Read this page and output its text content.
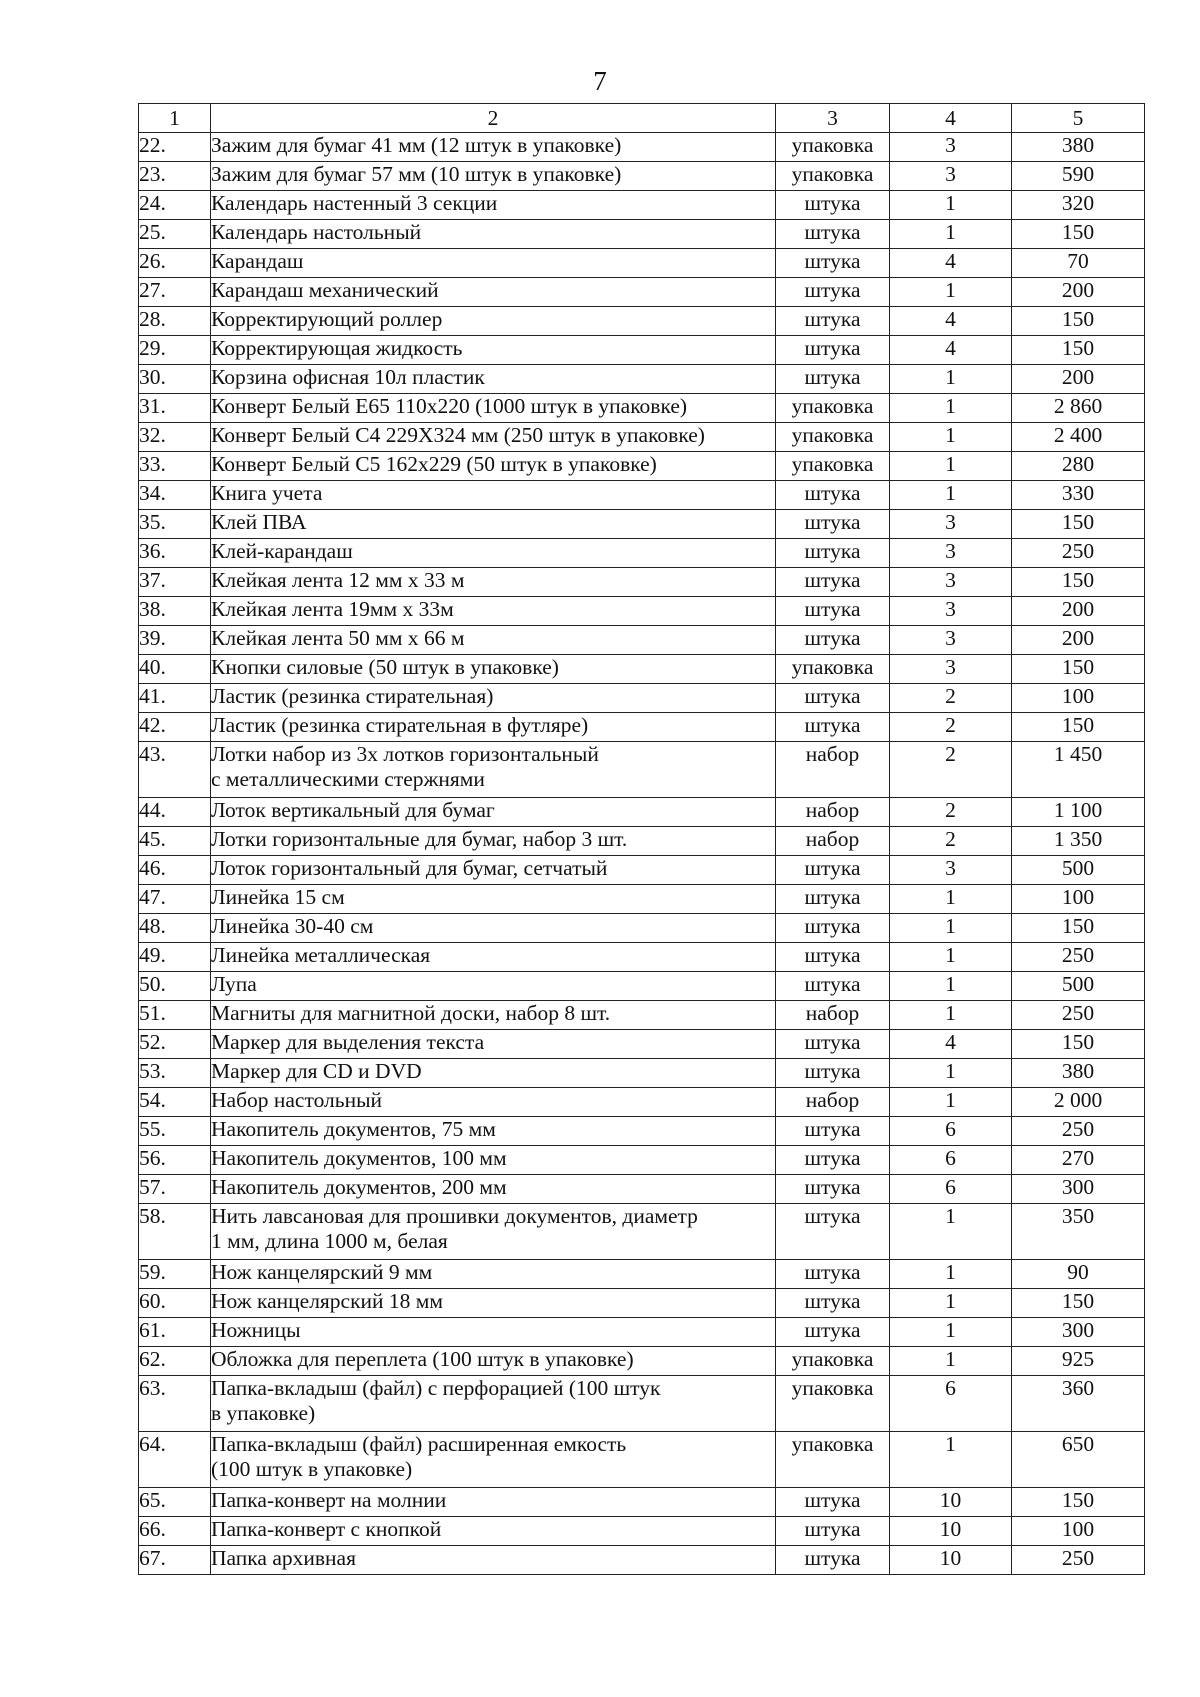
7
1	2	3	4	5
22.	Зажим для бумаг 41 мм (12 штук в упаковке)	упаковка	3	380
23.	Зажим для бумаг 57 мм (10 штук в упаковке)	упаковка	3	590
24.	Календарь настенный 3 секции	штука	1	320
25.	Календарь настольный	штука	1	150
26.	Карандаш	штука	4	70
27.	Карандаш механический	штука	1	200
28.	Корректирующий роллер	штука	4	150
29.	Корректирующая жидкость	штука	4	150
30.	Корзина офисная 10л пластик	штука	1	200
31.	Конверт Белый Е65 110х220 (1000 штук в упаковке)	упаковка	1	2 860
32.	Конверт Белый С4 229Х324 мм (250 штук в упаковке)	упаковка	1	2 400
33.	Конверт Белый С5 162х229 (50 штук в упаковке)	упаковка	1	280
34.	Книга учета	штука	1	330
35.	Клей ПВА	штука	3	150
36.	Клей-карандаш	штука	3	250
37.	Клейкая лента 12 мм х 33 м	штука	3	150
38.	Клейкая лента 19мм х 33м	штука	3	200
39.	Клейкая лента 50 мм х 66 м	штука	3	200
40.	Кнопки силовые (50 штук в упаковке)	упаковка	3	150
41.	Ластик (резинка стирательная)	штука	2	100
42.	Ластик (резинка стирательная в футляре)	штука	2	150
43.	Лотки набор из 3х лотков горизонтальный
с металлическими стержнями	набор	2	1 450
44.	Лоток вертикальный для бумаг	набор	2	1 100
45.	Лотки горизонтальные для бумаг, набор 3 шт.	набор	2	1 350
46.	Лоток горизонтальный для бумаг, сетчатый	штука	3	500
47.	Линейка 15 см	штука	1	100
48.	Линейка 30-40 см	штука	1	150
49.	Линейка металлическая	штука	1	250
50.	Лупа	штука	1	500
51.	Магниты для магнитной доски, набор 8 шт.	набор	1	250
52.	Маркер для выделения текста	штука	4	150
53.	Маркер для CD и DVD	штука	1	380
54.	Набор настольный	набор	1	2 000
55.	Накопитель документов, 75 мм	штука	6	250
56.	Накопитель документов, 100 мм	штука	6	270
57.	Накопитель документов, 200 мм	штука	6	300
58.	Нить лавсановая для прошивки документов, диаметр
1 мм, длина 1000 м, белая	штука	1	350
59.	Нож канцелярский 9 мм	штука	1	90
60.	Нож канцелярский 18 мм	штука	1	150
61.	Ножницы	штука	1	300
62.	Обложка для переплета (100 штук в упаковке)	упаковка	1	925
63.	Папка-вкладыш (файл) с перфорацией (100 штук
в упаковке)	упаковка	6	360
64.	Папка-вкладыш (файл) расширенная емкость
(100 штук в упаковке)	упаковка	1	650
65.	Папка-конверт на молнии	штука	10	150
66.	Папка-конверт с кнопкой	штука	10	100
67.	Папка архивная	штука	10	250
